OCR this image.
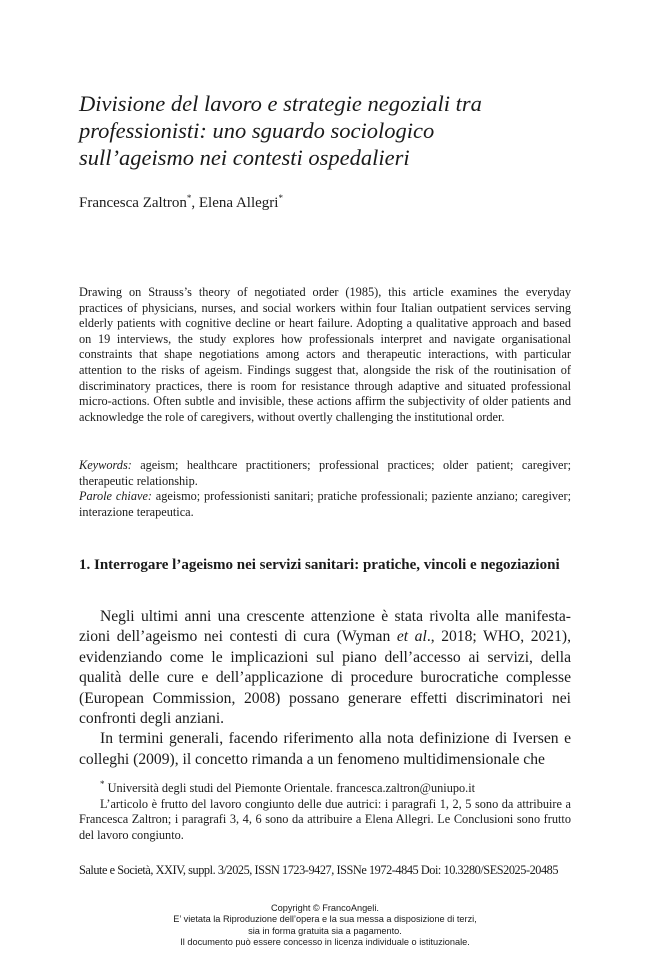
Divisione del lavoro e strategie negoziali tra
professionisti: uno sguardo sociologico
sull’ageismo nei contesti ospedalieri
Francesca Zaltron*, Elena Allegri*

Drawing on Strauss’s theory of negotiated order (1985), this article examines the everyday practices of physicians, nurses, and social workers within four Italian outpatient services serving elderly patients with cognitive decline or heart failure. Adopting a qualitative approach and based on 19 interviews, the study explores how professionals interpret and navigate organisational constraints that shape negotiations among actors and therapeutic interactions, with particular attention to the risks of ageism. Findings suggest that, alongside the risk of the routinisation of discriminatory practices, there is room for resistance through adaptive and situated professional micro-actions. Often subtle and invisible, these actions affirm the subjectivity of older patients and acknowledge the role of caregivers, without overtly challenging the institutional order.

Keywords: ageism; healthcare practitioners; professional practices; older patient; caregiver; therapeutic relationship.

Parole chiave: ageismo; professionisti sanitari; pratiche professionali; paziente anziano; caregiver; interazione terapeutica.

1. Interrogare l’ageismo nei servizi sanitari: pratiche, vincoli e negoziazioni

Negli ultimi anni una crescente attenzione è stata rivolta alle manifestazioni dell’ageismo nei contesti di cura (Wyman et al., 2018; WHO, 2021), evidenziando come le implicazioni sul piano dell’accesso ai servizi, della qualità delle cure e dell’applicazione di procedure burocratiche complesse (European Commission, 2008) possano generare effetti discriminatori nei confronti degli anziani.

In termini generali, facendo riferimento alla nota definizione di Iversen e colleghi (2009), il concetto rimanda a un fenomeno multidimensionale che

* Università degli studi del Piemonte Orientale. francesca.zaltron@uniupo.it

L’articolo è frutto del lavoro congiunto delle due autrici: i paragrafi 1, 2, 5 sono da attribuire a Francesca Zaltron; i paragrafi 3, 4, 6 sono da attribuire a Elena Allegri. Le Conclusioni sono frutto del lavoro congiunto.

Salute e Società, XXIV, suppl. 3/2025, ISSN 1723-9427, ISSNe 1972-4845 Doi: 10.3280/SES2025-20485
Copyright © FrancoAngeli.
E’ vietata la Riproduzione dell’opera e la sua messa a disposizione di terzi,
sia in forma gratuita sia a pagamento.
Il documento può essere concesso in licenza individuale o istituzionale.
